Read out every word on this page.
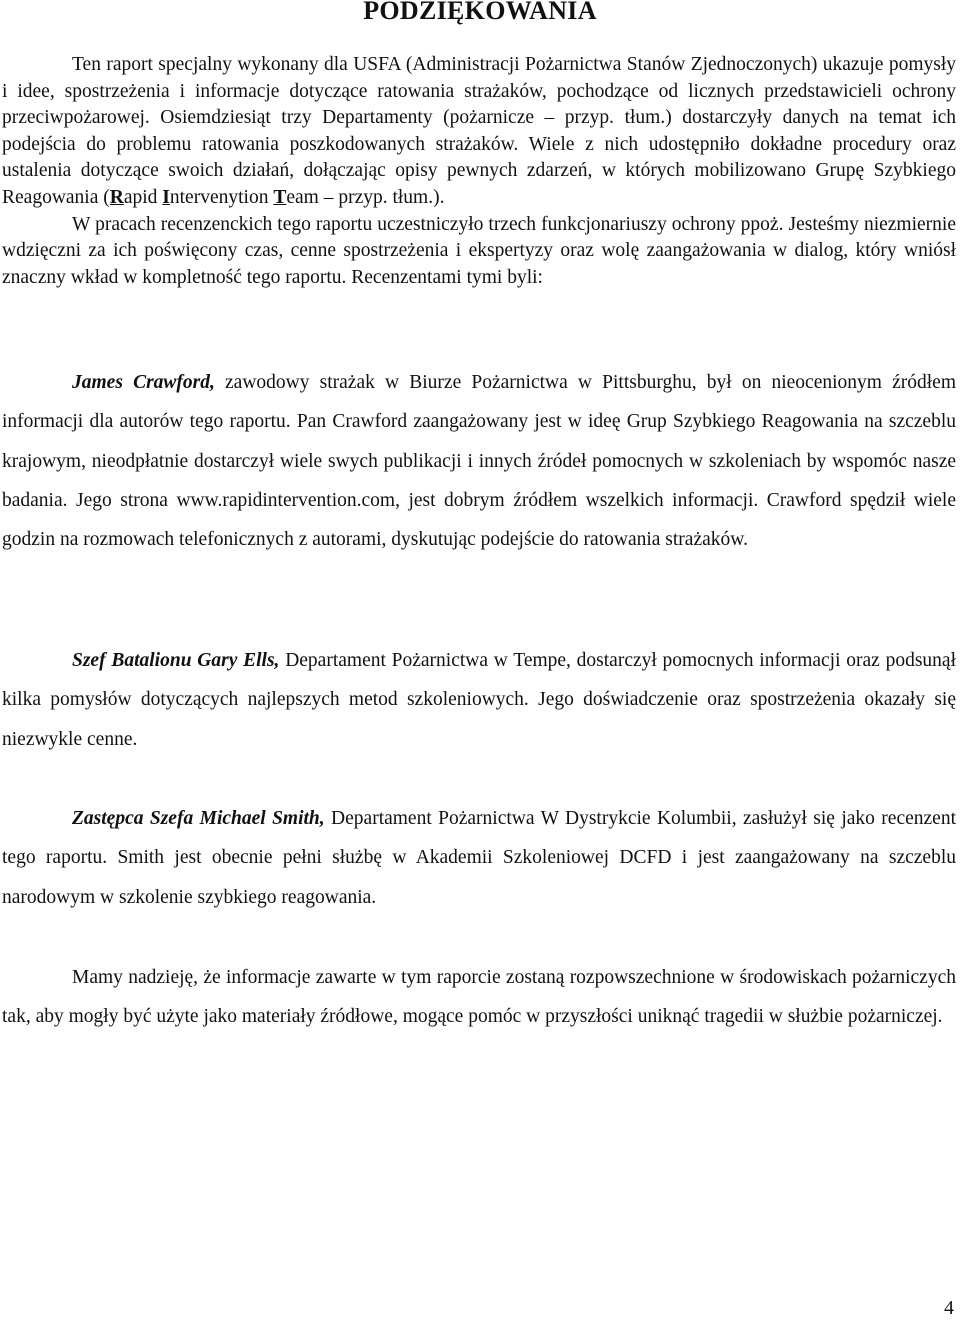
PODZIĘKOWANIA
Ten raport specjalny wykonany dla USFA (Administracji Pożarnictwa Stanów Zjednoczonych) ukazuje pomysły i idee, spostrzeżenia i informacje dotyczące ratowania strażaków, pochodzące od licznych przedstawicieli ochrony przeciwpożarowej. Osiemdziesiąt trzy Departamenty (pożarnicze – przyp. tłum.) dostarczyły danych na temat ich podejścia do problemu ratowania poszkodowanych strażaków. Wiele z nich udostępniło dokładne procedury oraz ustalenia dotyczące swoich działań, dołączając opisy pewnych zdarzeń, w których mobilizowano Grupę Szybkiego Reagowania (Rapid Intervenytion Team – przyp. tłum.).
W pracach recenzenckich tego raportu uczestniczyło trzech funkcjonariuszy ochrony ppoż. Jesteśmy niezmiernie wdzięczni za ich poświęcony czas, cenne spostrzeżenia i ekspertyzy oraz wolę zaangażowania w dialog, który wniósł znaczny wkład w kompletność tego raportu. Recenzentami tymi byli:
James Crawford, zawodowy strażak w Biurze Pożarnictwa w Pittsburghu, był on nieocenionym źródłem informacji dla autorów tego raportu. Pan Crawford zaangażowany jest w ideę Grup Szybkiego Reagowania na szczeblu krajowym, nieodpłatnie dostarczył wiele swych publikacji i innych źródeł pomocnych w szkoleniach by wspomóc nasze badania. Jego strona www.rapidintervention.com, jest dobrym źródłem wszelkich informacji. Crawford spędził wiele godzin na rozmowach telefonicznych z autorami, dyskutując podejście do ratowania strażaków.
Szef Batalionu Gary Ells, Departament Pożarnictwa w Tempe, dostarczył pomocnych informacji oraz podsunął kilka pomysłów dotyczących najlepszych metod szkoleniowych. Jego doświadczenie oraz spostrzeżenia okazały się niezwykle cenne.
Zastępca Szefa Michael Smith, Departament Pożarnictwa W Dystrykcie Kolumbii, zasłużył się jako recenzent tego raportu. Smith jest obecnie pełni służbę w Akademii Szkoleniowej DCFD i jest zaangażowany na szczeblu narodowym w szkolenie szybkiego reagowania.
Mamy nadzieję, że informacje zawarte w tym raporcie zostaną rozpowszechnione w środowiskach pożarniczych tak, aby mogły być użyte jako materiały źródłowe, mogące pomóc w przyszłości uniknąć tragedii w służbie pożarniczej.
4
